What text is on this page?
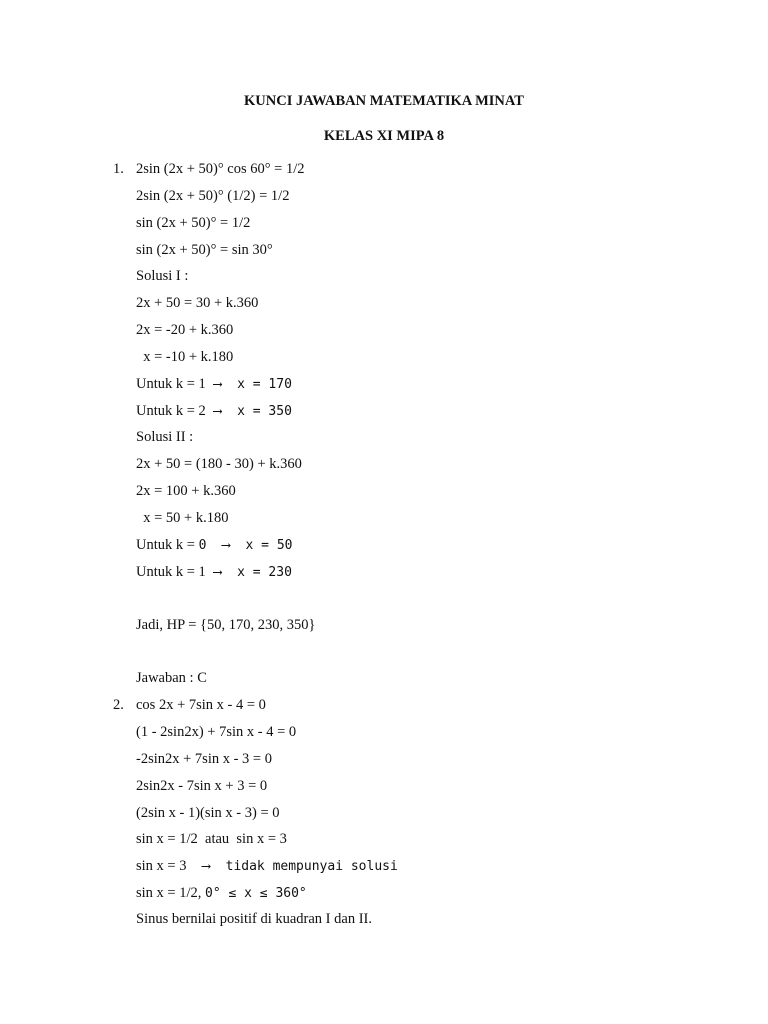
KUNCI JAWABAN MATEMATIKA MINAT
KELAS XI MIPA 8
1. 2sin (2x + 50)° cos 60° = 1/2
2sin (2x + 50)° (1/2) = 1/2
sin (2x + 50)° = 1/2
sin (2x + 50)° = sin 30°
Solusi I :
2x + 50 = 30 + k.360
2x = -20 + k.360
x = -10 + k.180
Untuk k = 1 ⟶  x = 170
Untuk k = 2 ⟶  x = 350
Solusi II :
2x + 50 = (180 - 30) + k.360
2x = 100 + k.360
x = 50 + k.180
Untuk k = 0  ⟶  x = 50
Untuk k = 1 ⟶  x = 230
Jadi, HP = {50, 170, 230, 350}
Jawaban : C
2. cos 2x + 7sin x - 4 = 0
(1 - 2sin2x) + 7sin x - 4 = 0
-2sin2x + 7sin x - 3 = 0
2sin2x - 7sin x + 3 = 0
(2sin x - 1)(sin x - 3) = 0
sin x = 1/2  atau  sin x = 3
sin x = 3  ⟶  tidak mempunyai solusi
sin x = 1/2, 0° ≤ x ≤ 360°
Sinus bernilai positif di kuadran I dan II.
